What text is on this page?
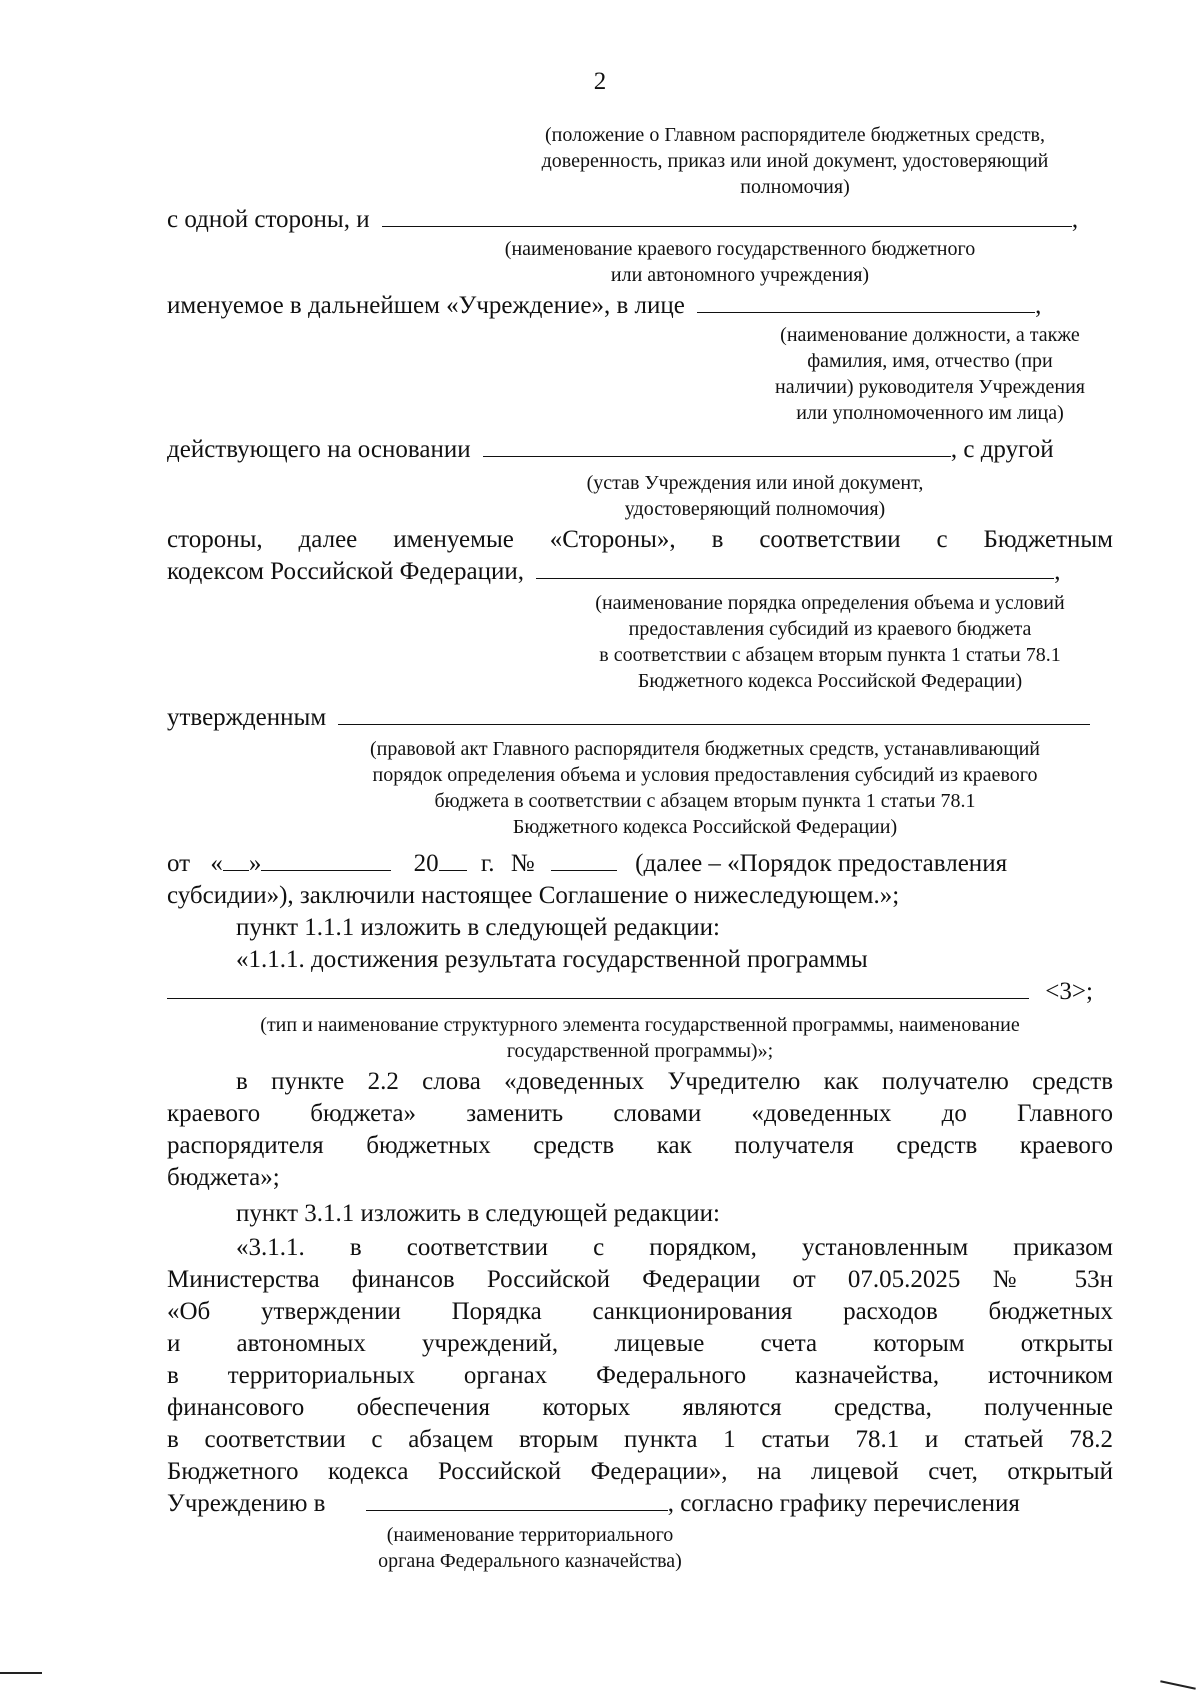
2
(положение о Главном распорядителе бюджетных средств,
доверенность, приказ или иной документ, удостоверяющий
полномочия)
с одной стороны, и	,
(наименование краевого государственного бюджетного
или автономного учреждения)
именуемое в дальнейшем «Учреждение», в лице	,
(наименование должности, а также
фамилия, имя, отчество (при
наличии) руководителя Учреждения
или уполномоченного им лица)
действующего на основании	, с другой
(устав Учреждения или иной документ,
удостоверяющий полномочия)
стороны, далее именуемые «Стороны», в соответствии с Бюджетным
кодексом Российской Федерации,	,
(наименование порядка определения объема и условий
предоставления субсидий из краевого бюджета
в соответствии с абзацем вторым пункта 1 статьи 78.1
Бюджетного кодекса Российской Федерации)
утвержденным
(правовой акт Главного распорядителя бюджетных средств, устанавливающий
порядок определения объема и условия предоставления субсидий из краевого
бюджета в соответствии с абзацем вторым пункта 1 статьи 78.1
Бюджетного кодекса Российской Федерации)
от « »	20 г. №	(далее – «Порядок предоставления
субсидии»), заключили настоящее Соглашение о нижеследующем.»;
пункт 1.1.1 изложить в следующей редакции:
«1.1.1. достижения результата государственной программы
<3>;
(тип и наименование структурного элемента государственной программы, наименование
государственной программы)»;
в пункте 2.2 слова «доведенных Учредителю как получателю средств
краевого бюджета» заменить словами «доведенных до Главного
распорядителя бюджетных средств как получателя средств краевого
бюджета»;
пункт 3.1.1 изложить в следующей редакции:
«3.1.1. в соответствии с порядком, установленным приказом
Министерства финансов Российской Федерации от 07.05.2025 № 53н
«Об утверждении Порядка санкционирования расходов бюджетных
и автономных учреждений, лицевые счета которым открыты
в территориальных органах Федерального казначейства, источником
финансового обеспечения которых являются средства, полученные
в соответствии с абзацем вторым пункта 1 статьи 78.1 и статьей 78.2
Бюджетного кодекса Российской Федерации», на лицевой счет, открытый
Учреждению в	, согласно графику перечисления
(наименование территориального
органа Федерального казначейства)
